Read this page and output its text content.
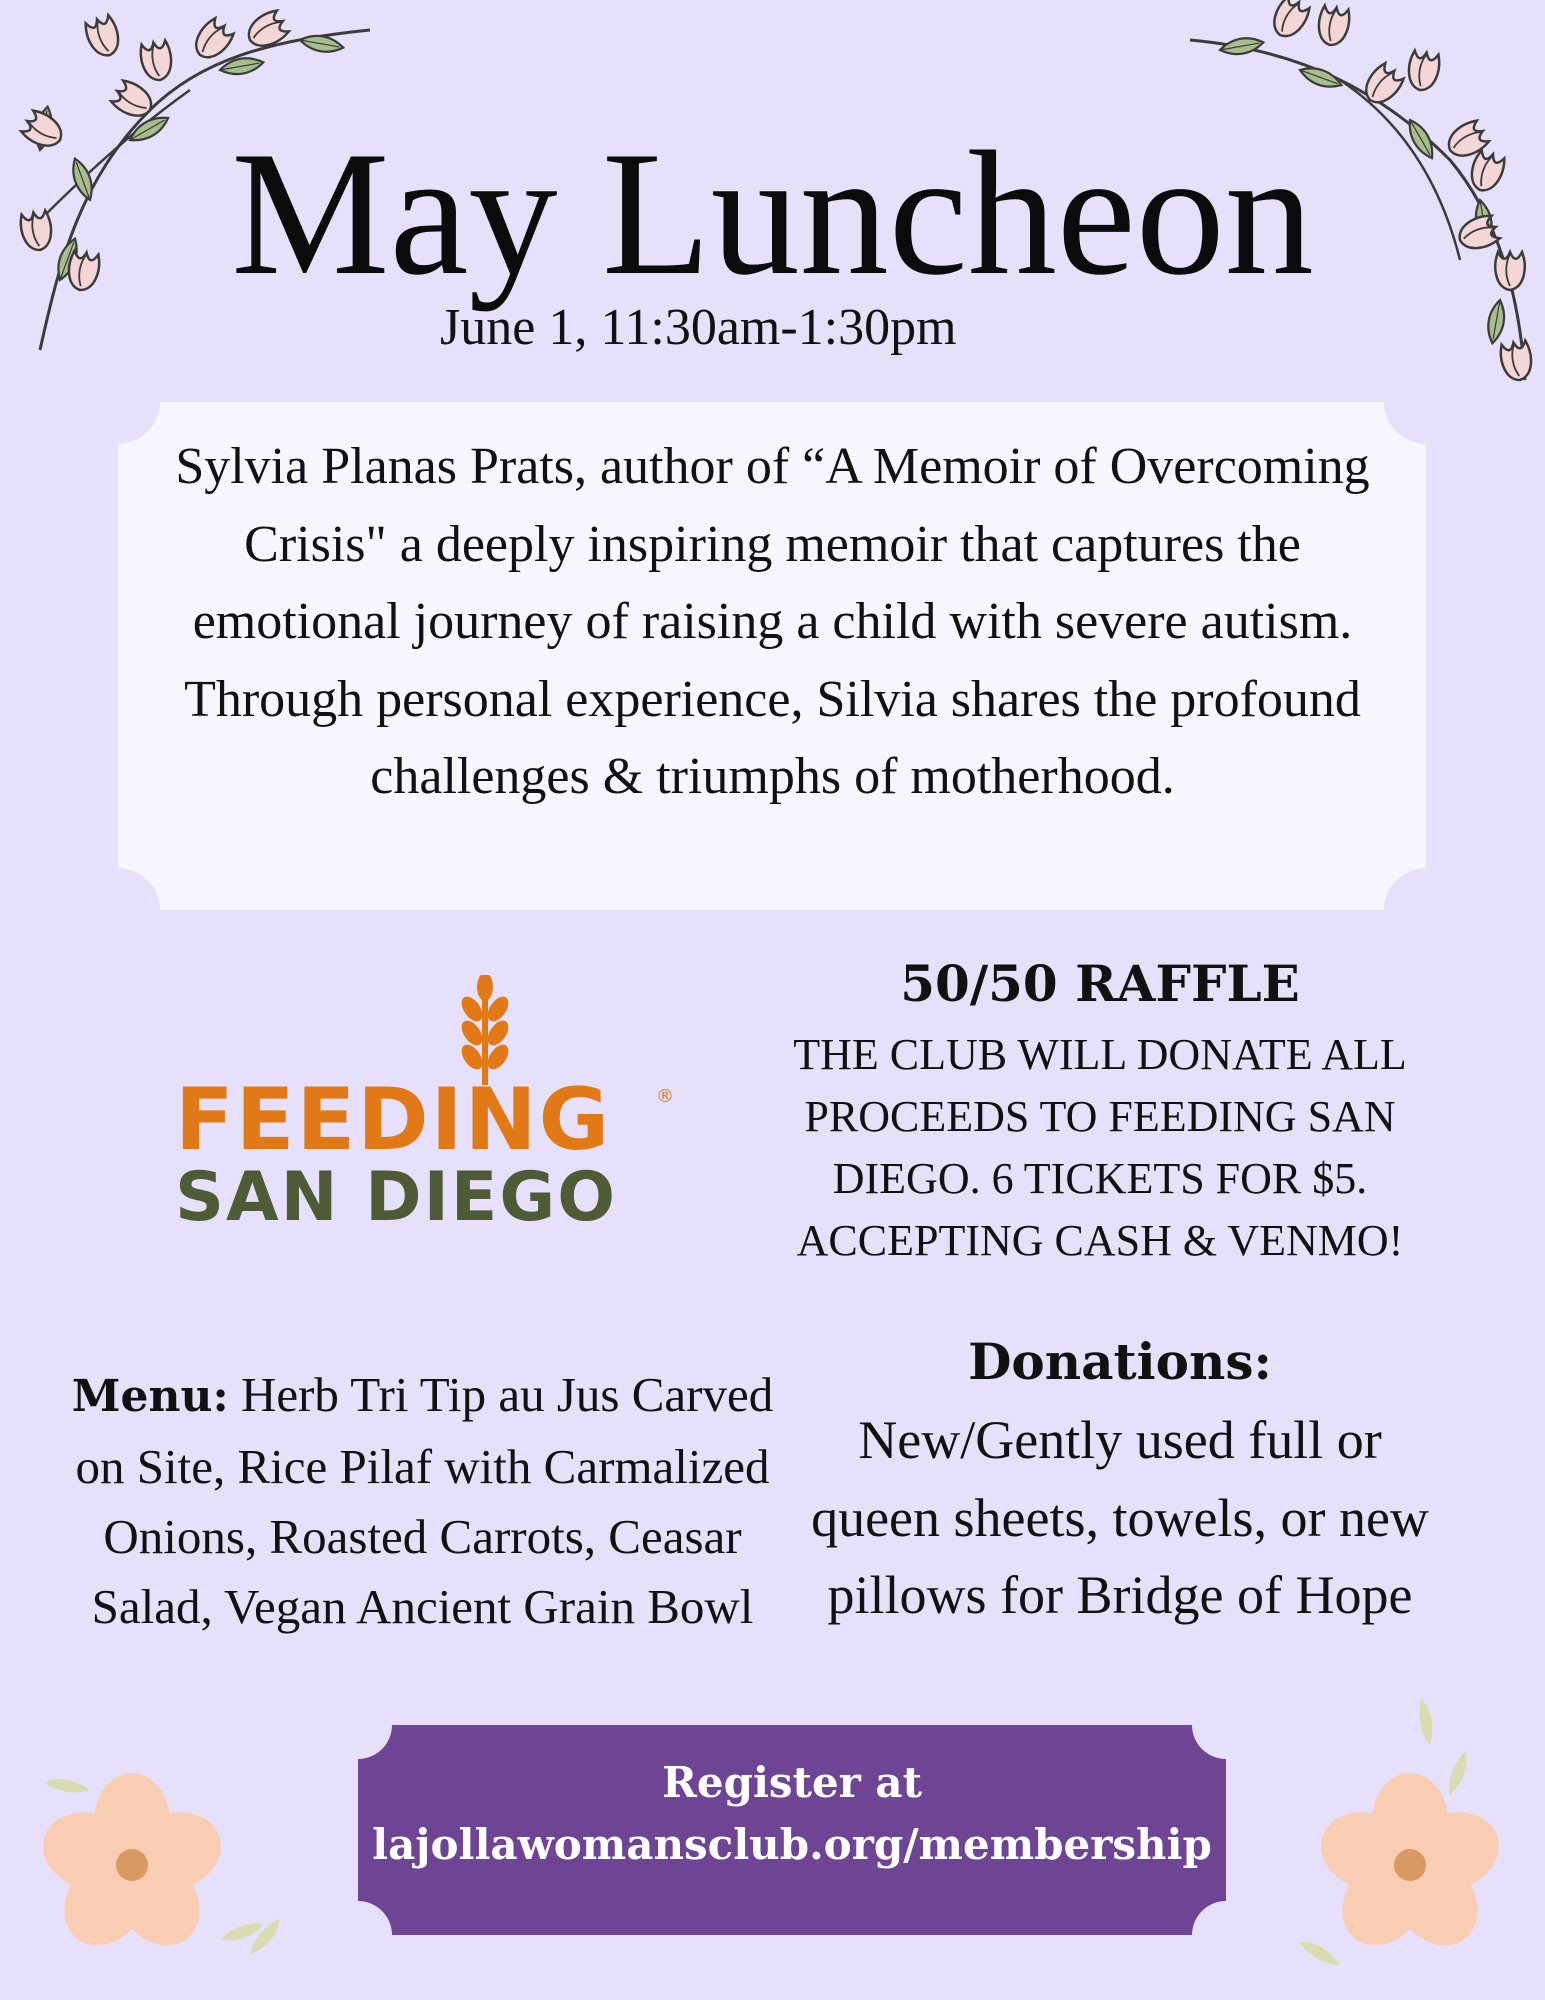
May Luncheon
June 1, 11:30am-1:30pm
Sylvia Planas Prats, author of “A Memoir of Overcoming Crisis" a deeply inspiring memoir that captures the emotional journey of raising a child with severe autism. Through personal experience, Silvia shares the profound challenges & triumphs of motherhood.
FEEDING	®
SAN DIEGO
50/50 RAFFLE
THE CLUB WILL DONATE ALL PROCEEDS TO FEEDING SAN DIEGO. 6 TICKETS FOR $5. ACCEPTING CASH & VENMO!
Menu: Herb Tri Tip au Jus Carved on Site, Rice Pilaf with Carmalized Onions, Roasted Carrots, Ceasar Salad, Vegan Ancient Grain Bowl
Donations:
New/Gently used full or queen sheets, towels, or new pillows for Bridge of Hope
Register at
lajollawomansclub.org/membership
